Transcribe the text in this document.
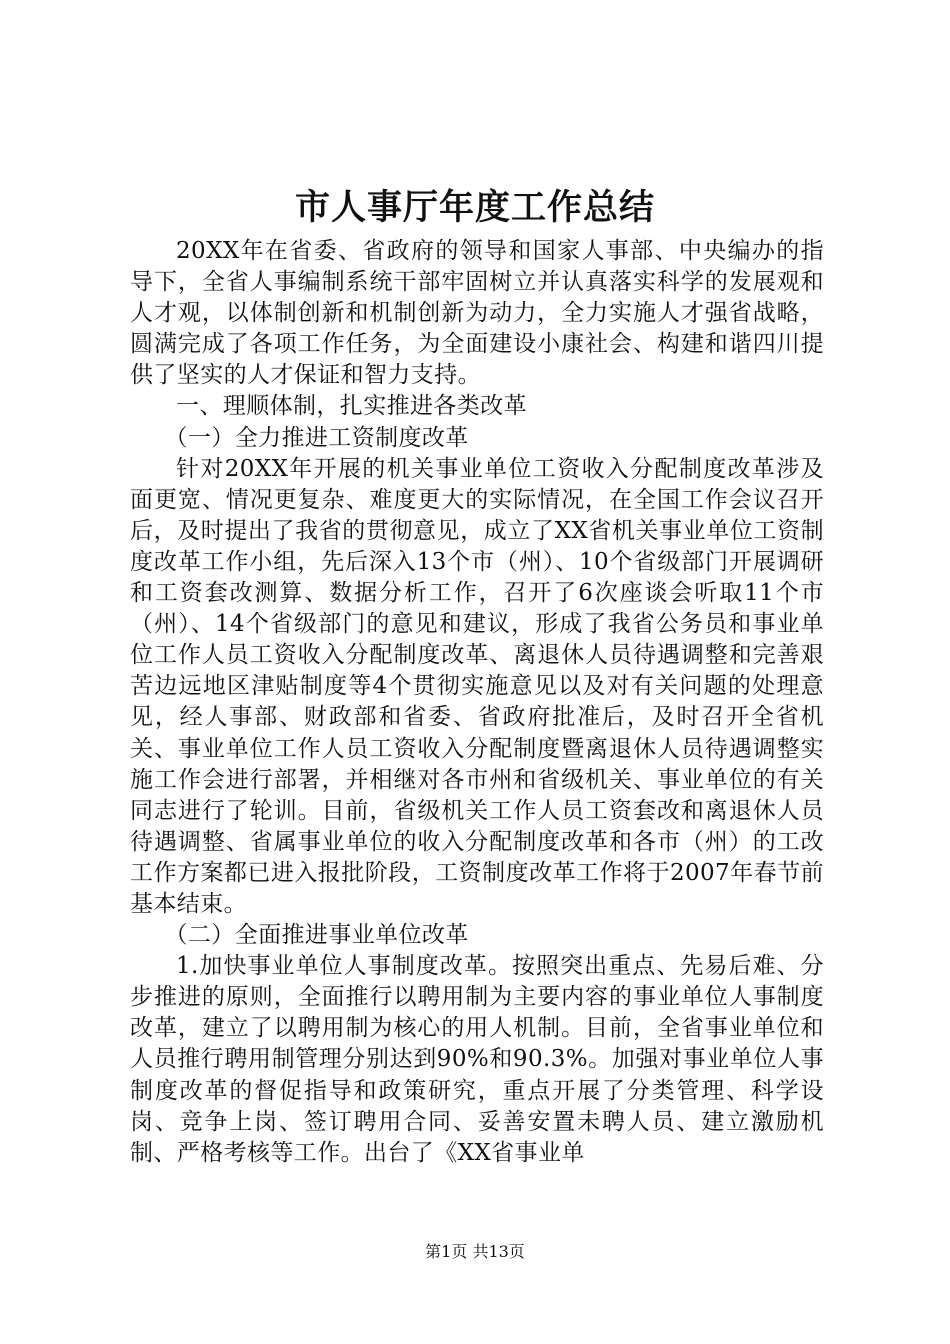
市人事厅年度工作总结

20XX年在省委、省政府的领导和国家人事部、中央编办的指导下，全省人事编制系统干部牢固树立并认真落实科学的发展观和人才观，以体制创新和机制创新为动力，全力实施人才强省战略，圆满完成了各项工作任务，为全面建设小康社会、构建和谐四川提供了坚实的人才保证和智力支持。

一、理顺体制，扎实推进各类改革

（一）全力推进工资制度改革

针对20XX年开展的机关事业单位工资收入分配制度改革涉及面更宽、情况更复杂、难度更大的实际情况，在全国工作会议召开后，及时提出了我省的贯彻意见，成立了XX省机关事业单位工资制度改革工作小组，先后深入13个市（州）、10个省级部门开展调研和工资套改测算、数据分析工作，召开了6次座谈会听取11个市（州）、14个省级部门的意见和建议，形成了我省公务员和事业单位工作人员工资收入分配制度改革、离退休人员待遇调整和完善艰苦边远地区津贴制度等4个贯彻实施意见以及对有关问题的处理意见，经人事部、财政部和省委、省政府批准后，及时召开全省机关、事业单位工作人员工资收入分配制度暨离退休人员待遇调整实施工作会进行部署，并相继对各市州和省级机关、事业单位的有关同志进行了轮训。目前，省级机关工作人员工资套改和离退休人员待遇调整、省属事业单位的收入分配制度改革和各市（州）的工改工作方案都已进入报批阶段，工资制度改革工作将于2007年春节前基本结束。

（二）全面推进事业单位改革

1.加快事业单位人事制度改革。按照突出重点、先易后难、分步推进的原则，全面推行以聘用制为主要内容的事业单位人事制度改革，建立了以聘用制为核心的用人机制。目前，全省事业单位和人员推行聘用制管理分别达到90%和90.3%。加强对事业单位人事制度改革的督促指导和政策研究，重点开展了分类管理、科学设岗、竞争上岗、签订聘用合同、妥善安置未聘人员、建立激励机制、严格考核等工作。出台了《XX省事业单

第1页 共13页
